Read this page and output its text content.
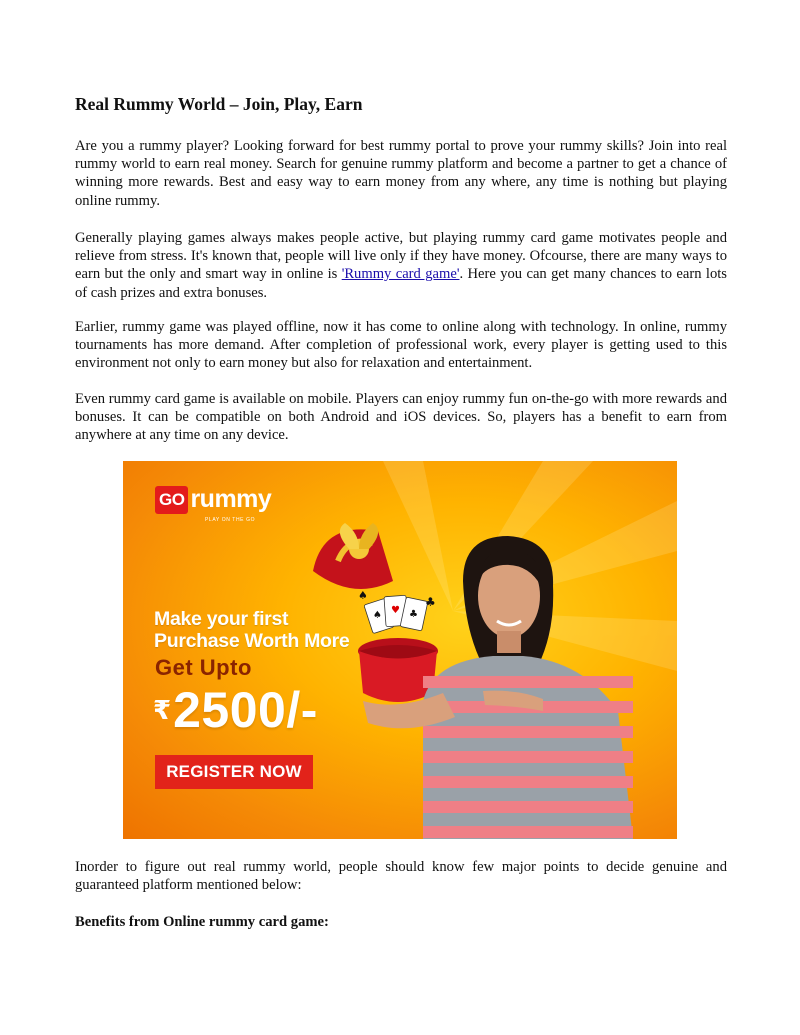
Real Rummy World – Join, Play, Earn

Are you a rummy player? Looking forward for best rummy portal to prove your rummy skills? Join into real rummy world to earn real money. Search for genuine rummy platform and become a partner to get a chance of winning more rewards. Best and easy way to earn money from any where, any time is nothing but playing online rummy.

Generally playing games always makes people active, but playing rummy card game motivates people and relieve from stress. It's known that, people will live only if they have money. Ofcourse, there are many ways to earn but the only and smart way in online is 'Rummy card game'. Here you can get many chances to earn lots of cash prizes and extra bonuses.

Earlier, rummy game was played offline, now it has come to online along with technology. In online, rummy tournaments has more demand. After completion of professional work, every player is getting used to this environment not only to earn money but also for relaxation and entertainment.

Even rummy card game is available on mobile. Players can enjoy rummy fun on-the-go with more rewards and bonuses. It can be compatible on both Android and iOS devices. So, players has a benefit to earn from anywhere at any time on any device.

♠ ♥ ♣
♣
♠
GO rummy
PLAY ON THE GO
Make your first
Purchase Worth More
Get Upto
₹ 2500/-
REGISTER NOW

Inorder to figure out real rummy world, people should know few major points to decide genuine and guaranteed platform mentioned below:

Benefits from Online rummy card game:
